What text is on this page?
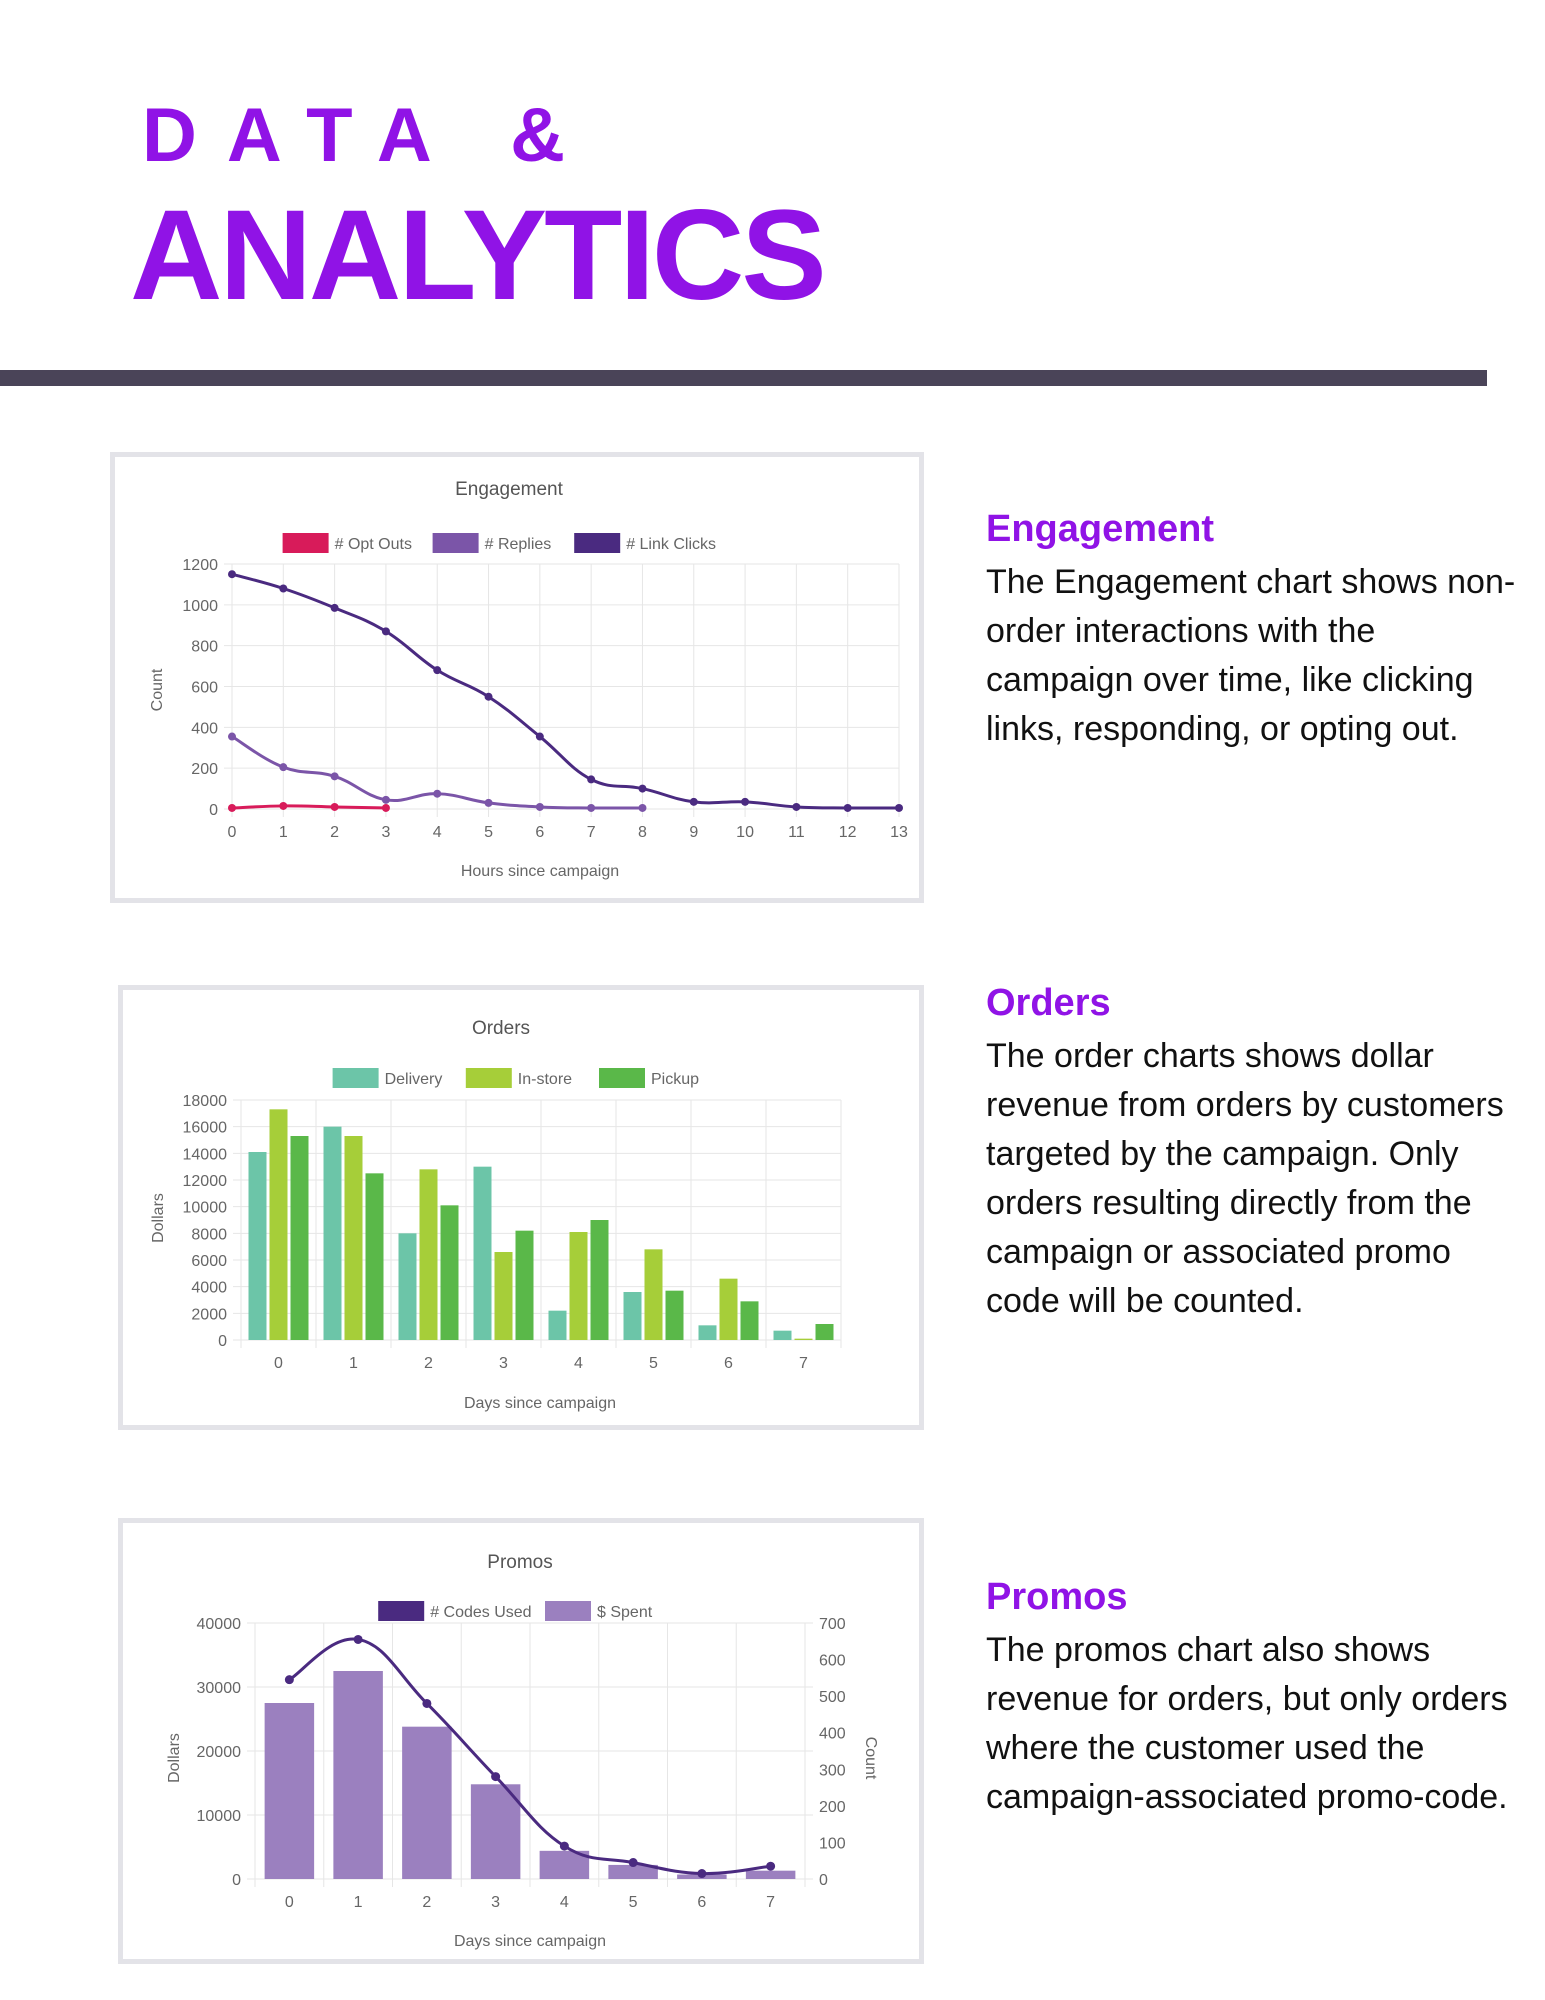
DATA &
ANALYTICS
Engagement
# Opt Outs	# Replies	# Link Clicks
0
200
400
600
800
1000
1200
0	1	2	3	4	5	6	7	8	9 10 11 12 13
Count
Hours since campaign
Orders
Delivery	In-store	Pickup
0
2000
4000
6000
8000
10000
12000
14000
16000
18000
0	1	2	3	4	5	6	7
Dollars
Days since campaign
Promos
# Codes Used	$ Spent
0
10000
20000
30000
40000
0
100
200
300
400
500
600
700
0	1	2	3	4	5	6	7
Dollars	Count
Days since campaign
Engagement

The Engagement chart shows non-order interactions with the campaign over time, like clicking links, responding, or opting out.

Orders

The order charts shows dollar revenue from orders by customers targeted by the campaign. Only orders resulting directly from the campaign or associated promo code will be counted.

Promos

The promos chart also shows revenue for orders, but only orders where the customer used the campaign-associated promo-code.
